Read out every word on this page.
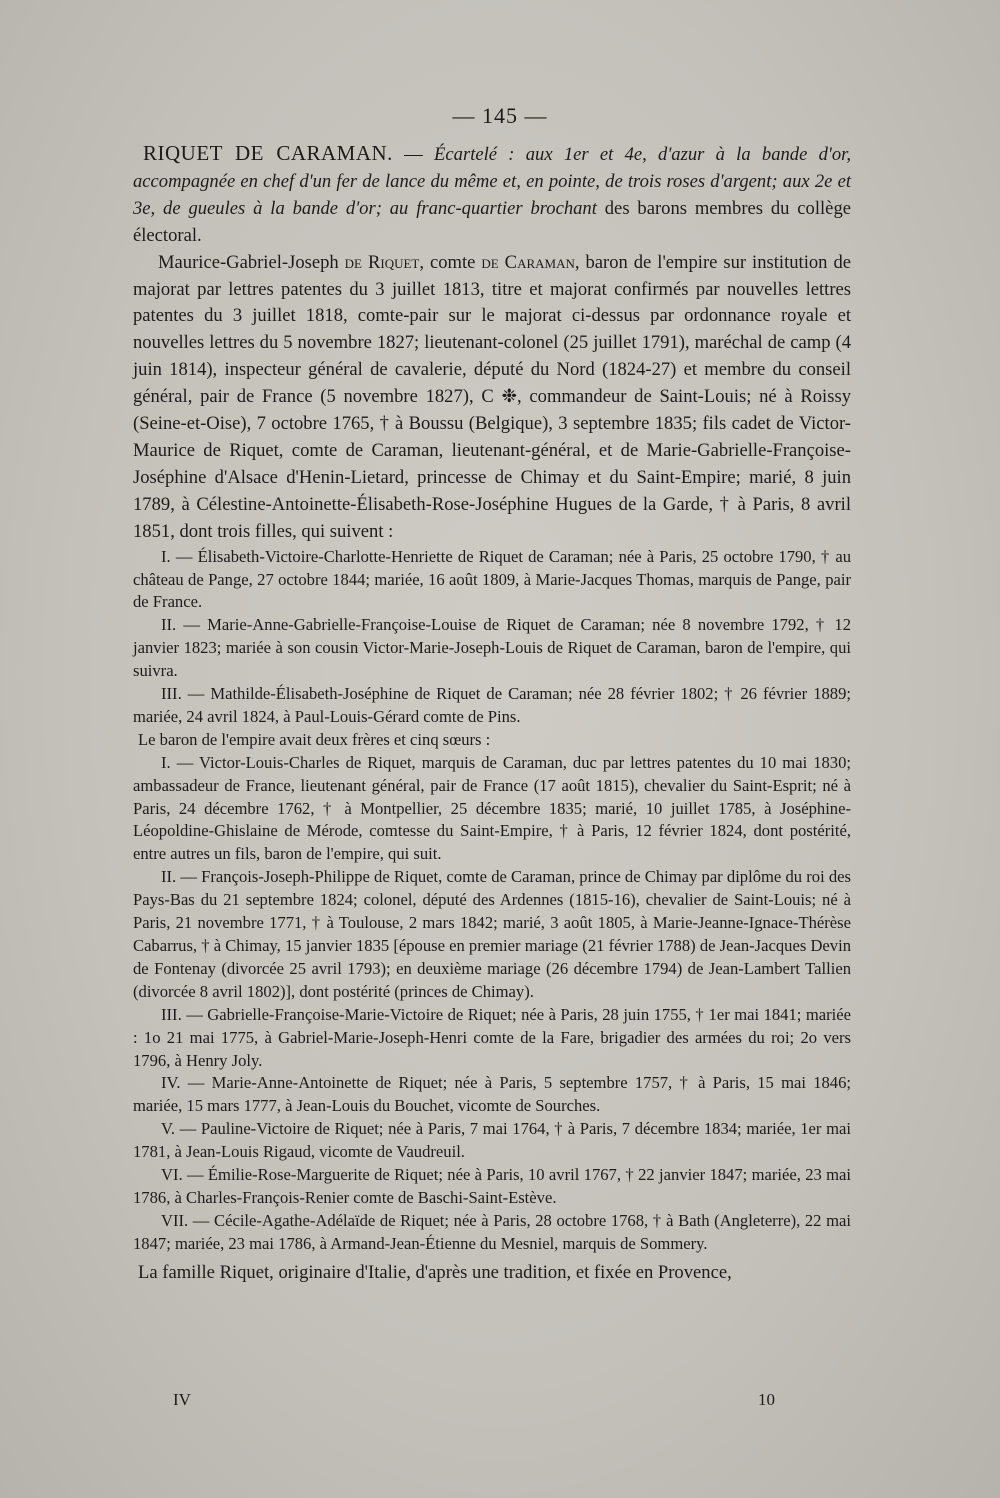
— 145 —

RIQUET DE CARAMAN. — Écartelé : aux 1er et 4e, d'azur à la bande d'or, accompagnée en chef d'un fer de lance du même et, en pointe, de trois roses d'argent; aux 2e et 3e, de gueules à la bande d'or; au franc-quartier brochant des barons membres du collège électoral.

Maurice-Gabriel-Joseph de Riquet, comte de Caraman, baron de l'empire sur institution de majorat par lettres patentes du 3 juillet 1813, titre et majorat confirmés par nouvelles lettres patentes du 3 juillet 1818, comte-pair sur le majorat ci-dessus par ordonnance royale et nouvelles lettres du 5 novembre 1827; lieutenant-colonel (25 juillet 1791), maréchal de camp (4 juin 1814), inspecteur général de cavalerie, député du Nord (1824-27) et membre du conseil général, pair de France (5 novembre 1827), C ❉, commandeur de Saint-Louis; né à Roissy (Seine-et-Oise), 7 octobre 1765, † à Boussu (Belgique), 3 septembre 1835; fils cadet de Victor-Maurice de Riquet, comte de Caraman, lieutenant-général, et de Marie-Gabrielle-Françoise-Joséphine d'Alsace d'Henin-Lietard, princesse de Chimay et du Saint-Empire; marié, 8 juin 1789, à Célestine-Antoinette-Élisabeth-Rose-Joséphine Hugues de la Garde, † à Paris, 8 avril 1851, dont trois filles, qui suivent :

I. — Élisabeth-Victoire-Charlotte-Henriette de Riquet de Caraman; née à Paris, 25 octobre 1790, † au château de Pange, 27 octobre 1844; mariée, 16 août 1809, à Marie-Jacques Thomas, marquis de Pange, pair de France.

II. — Marie-Anne-Gabrielle-Françoise-Louise de Riquet de Caraman; née 8 novembre 1792, † 12 janvier 1823; mariée à son cousin Victor-Marie-Joseph-Louis de Riquet de Caraman, baron de l'empire, qui suivra.

III. — Mathilde-Élisabeth-Joséphine de Riquet de Caraman; née 28 février 1802; † 26 février 1889; mariée, 24 avril 1824, à Paul-Louis-Gérard comte de Pins.

Le baron de l'empire avait deux frères et cinq sœurs :

I. — Victor-Louis-Charles de Riquet, marquis de Caraman, duc par lettres patentes du 10 mai 1830; ambassadeur de France, lieutenant général, pair de France (17 août 1815), chevalier du Saint-Esprit; né à Paris, 24 décembre 1762, † à Montpellier, 25 décembre 1835; marié, 10 juillet 1785, à Joséphine-Léopoldine-Ghislaine de Mérode, comtesse du Saint-Empire, † à Paris, 12 février 1824, dont postérité, entre autres un fils, baron de l'empire, qui suit.

II. — François-Joseph-Philippe de Riquet, comte de Caraman, prince de Chimay par diplôme du roi des Pays-Bas du 21 septembre 1824; colonel, député des Ardennes (1815-16), chevalier de Saint-Louis; né à Paris, 21 novembre 1771, † à Toulouse, 2 mars 1842; marié, 3 août 1805, à Marie-Jeanne-Ignace-Thérèse Cabarrus, † à Chimay, 15 janvier 1835 [épouse en premier mariage (21 février 1788) de Jean-Jacques Devin de Fontenay (divorcée 25 avril 1793); en deuxième mariage (26 décembre 1794) de Jean-Lambert Tallien (divorcée 8 avril 1802)], dont postérité (princes de Chimay).

III. — Gabrielle-Françoise-Marie-Victoire de Riquet; née à Paris, 28 juin 1755, † 1er mai 1841; mariée : 1o 21 mai 1775, à Gabriel-Marie-Joseph-Henri comte de la Fare, brigadier des armées du roi; 2o vers 1796, à Henry Joly.

IV. — Marie-Anne-Antoinette de Riquet; née à Paris, 5 septembre 1757, † à Paris, 15 mai 1846; mariée, 15 mars 1777, à Jean-Louis du Bouchet, vicomte de Sourches.

V. — Pauline-Victoire de Riquet; née à Paris, 7 mai 1764, † à Paris, 7 décembre 1834; mariée, 1er mai 1781, à Jean-Louis Rigaud, vicomte de Vaudreuil.

VI. — Émilie-Rose-Marguerite de Riquet; née à Paris, 10 avril 1767, † 22 janvier 1847; mariée, 23 mai 1786, à Charles-François-Renier comte de Baschi-Saint-Estève.

VII. — Cécile-Agathe-Adélaïde de Riquet; née à Paris, 28 octobre 1768, † à Bath (Angleterre), 22 mai 1847; mariée, 23 mai 1786, à Armand-Jean-Étienne du Mesniel, marquis de Sommery.

La famille Riquet, originaire d'Italie, d'après une tradition, et fixée en Provence,

IV	10
